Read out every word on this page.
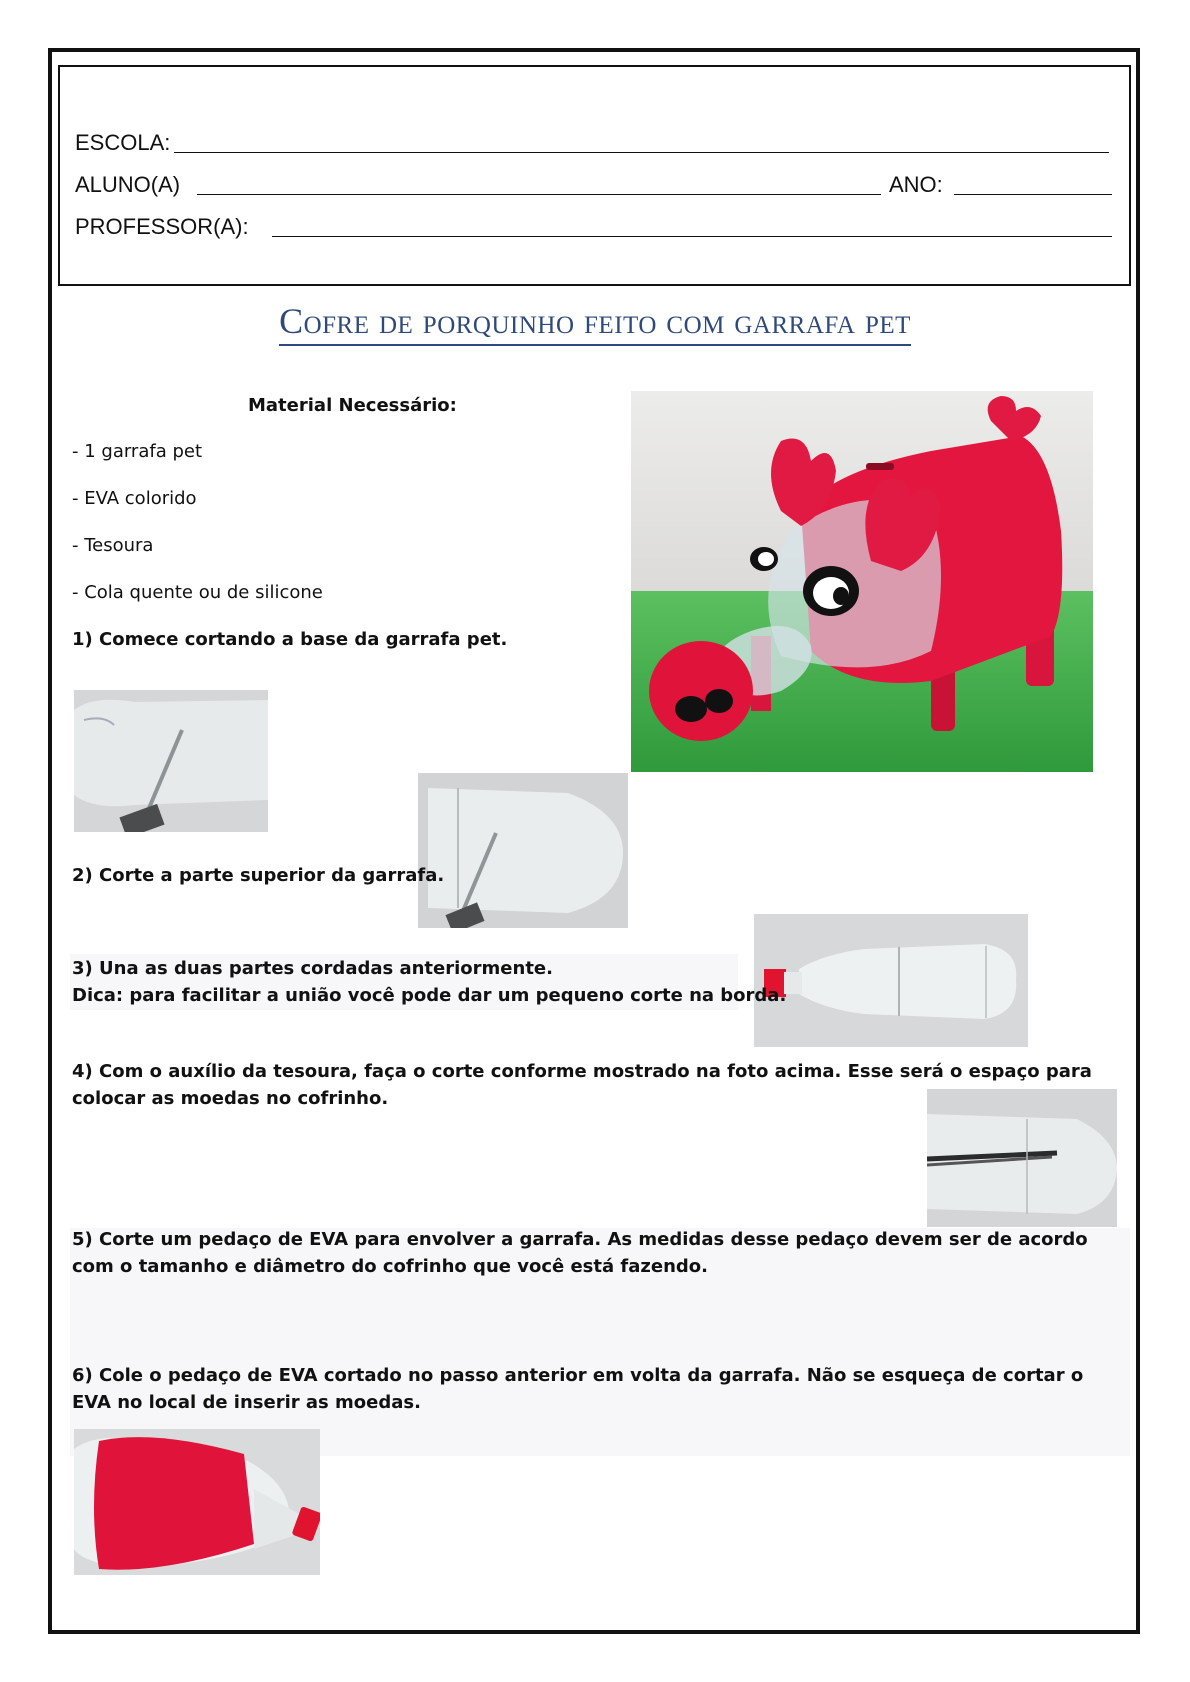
ESCOLA:
ALUNO(A)	ANO:
PROFESSOR(A):
Cofre de porquinho feito com garrafa pet
Material Necessário:
- 1 garrafa pet
- EVA colorido
- Tesoura
- Cola quente ou de silicone
1) Comece cortando a base da garrafa pet.
2) Corte a parte superior da garrafa.
3) Una as duas partes cordadas anteriormente.
Dica: para facilitar a união você pode dar um pequeno corte na borda.
4) Com o auxílio da tesoura, faça o corte conforme mostrado na foto acima. Esse será o espaço para colocar as moedas no cofrinho.
5) Corte um pedaço de EVA para envolver a garrafa. As medidas desse pedaço devem ser de acordo com o tamanho e diâmetro do cofrinho que você está fazendo.
6) Cole o pedaço de EVA cortado no passo anterior em volta da garrafa. Não se esqueça de cortar o EVA no local de inserir as moedas.
